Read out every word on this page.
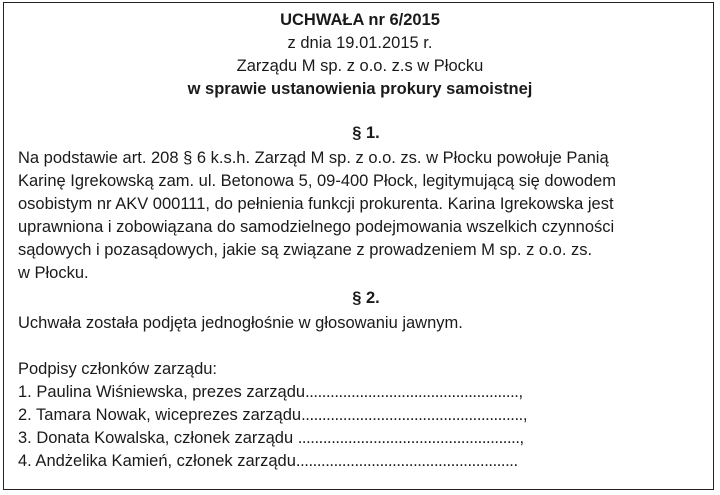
UCHWAŁA nr 6/2015
z dnia 19.01.2015 r.
Zarządu M sp. z o.o. z.s w Płocku
w sprawie ustanowienia prokury samoistnej
§ 1.
Na podstawie art. 208 § 6 k.s.h. Zarząd M sp. z o.o. zs. w Płocku powołuje Panią
Karinę Igrekowską zam. ul. Betonowa 5, 09-400 Płock, legitymującą się dowodem
osobistym nr AKV 000111, do pełnienia funkcji prokurenta. Karina Igrekowska jest
uprawniona i zobowiązana do samodzielnego podejmowania wszelkich czynności
sądowych i pozasądowych, jakie są związane z prowadzeniem M sp. z o.o. zs.
w Płocku.
§ 2.
Uchwała została podjęta jednogłośnie w głosowaniu jawnym.
Podpisy członków zarządu:
1. Paulina Wiśniewska, prezes zarządu...................................................,
2. Tamara Nowak, wiceprezes zarządu.....................................................,
3. Donata Kowalska, członek zarządu .....................................................,
4. Andżelika Kamień, członek zarządu.....................................................
